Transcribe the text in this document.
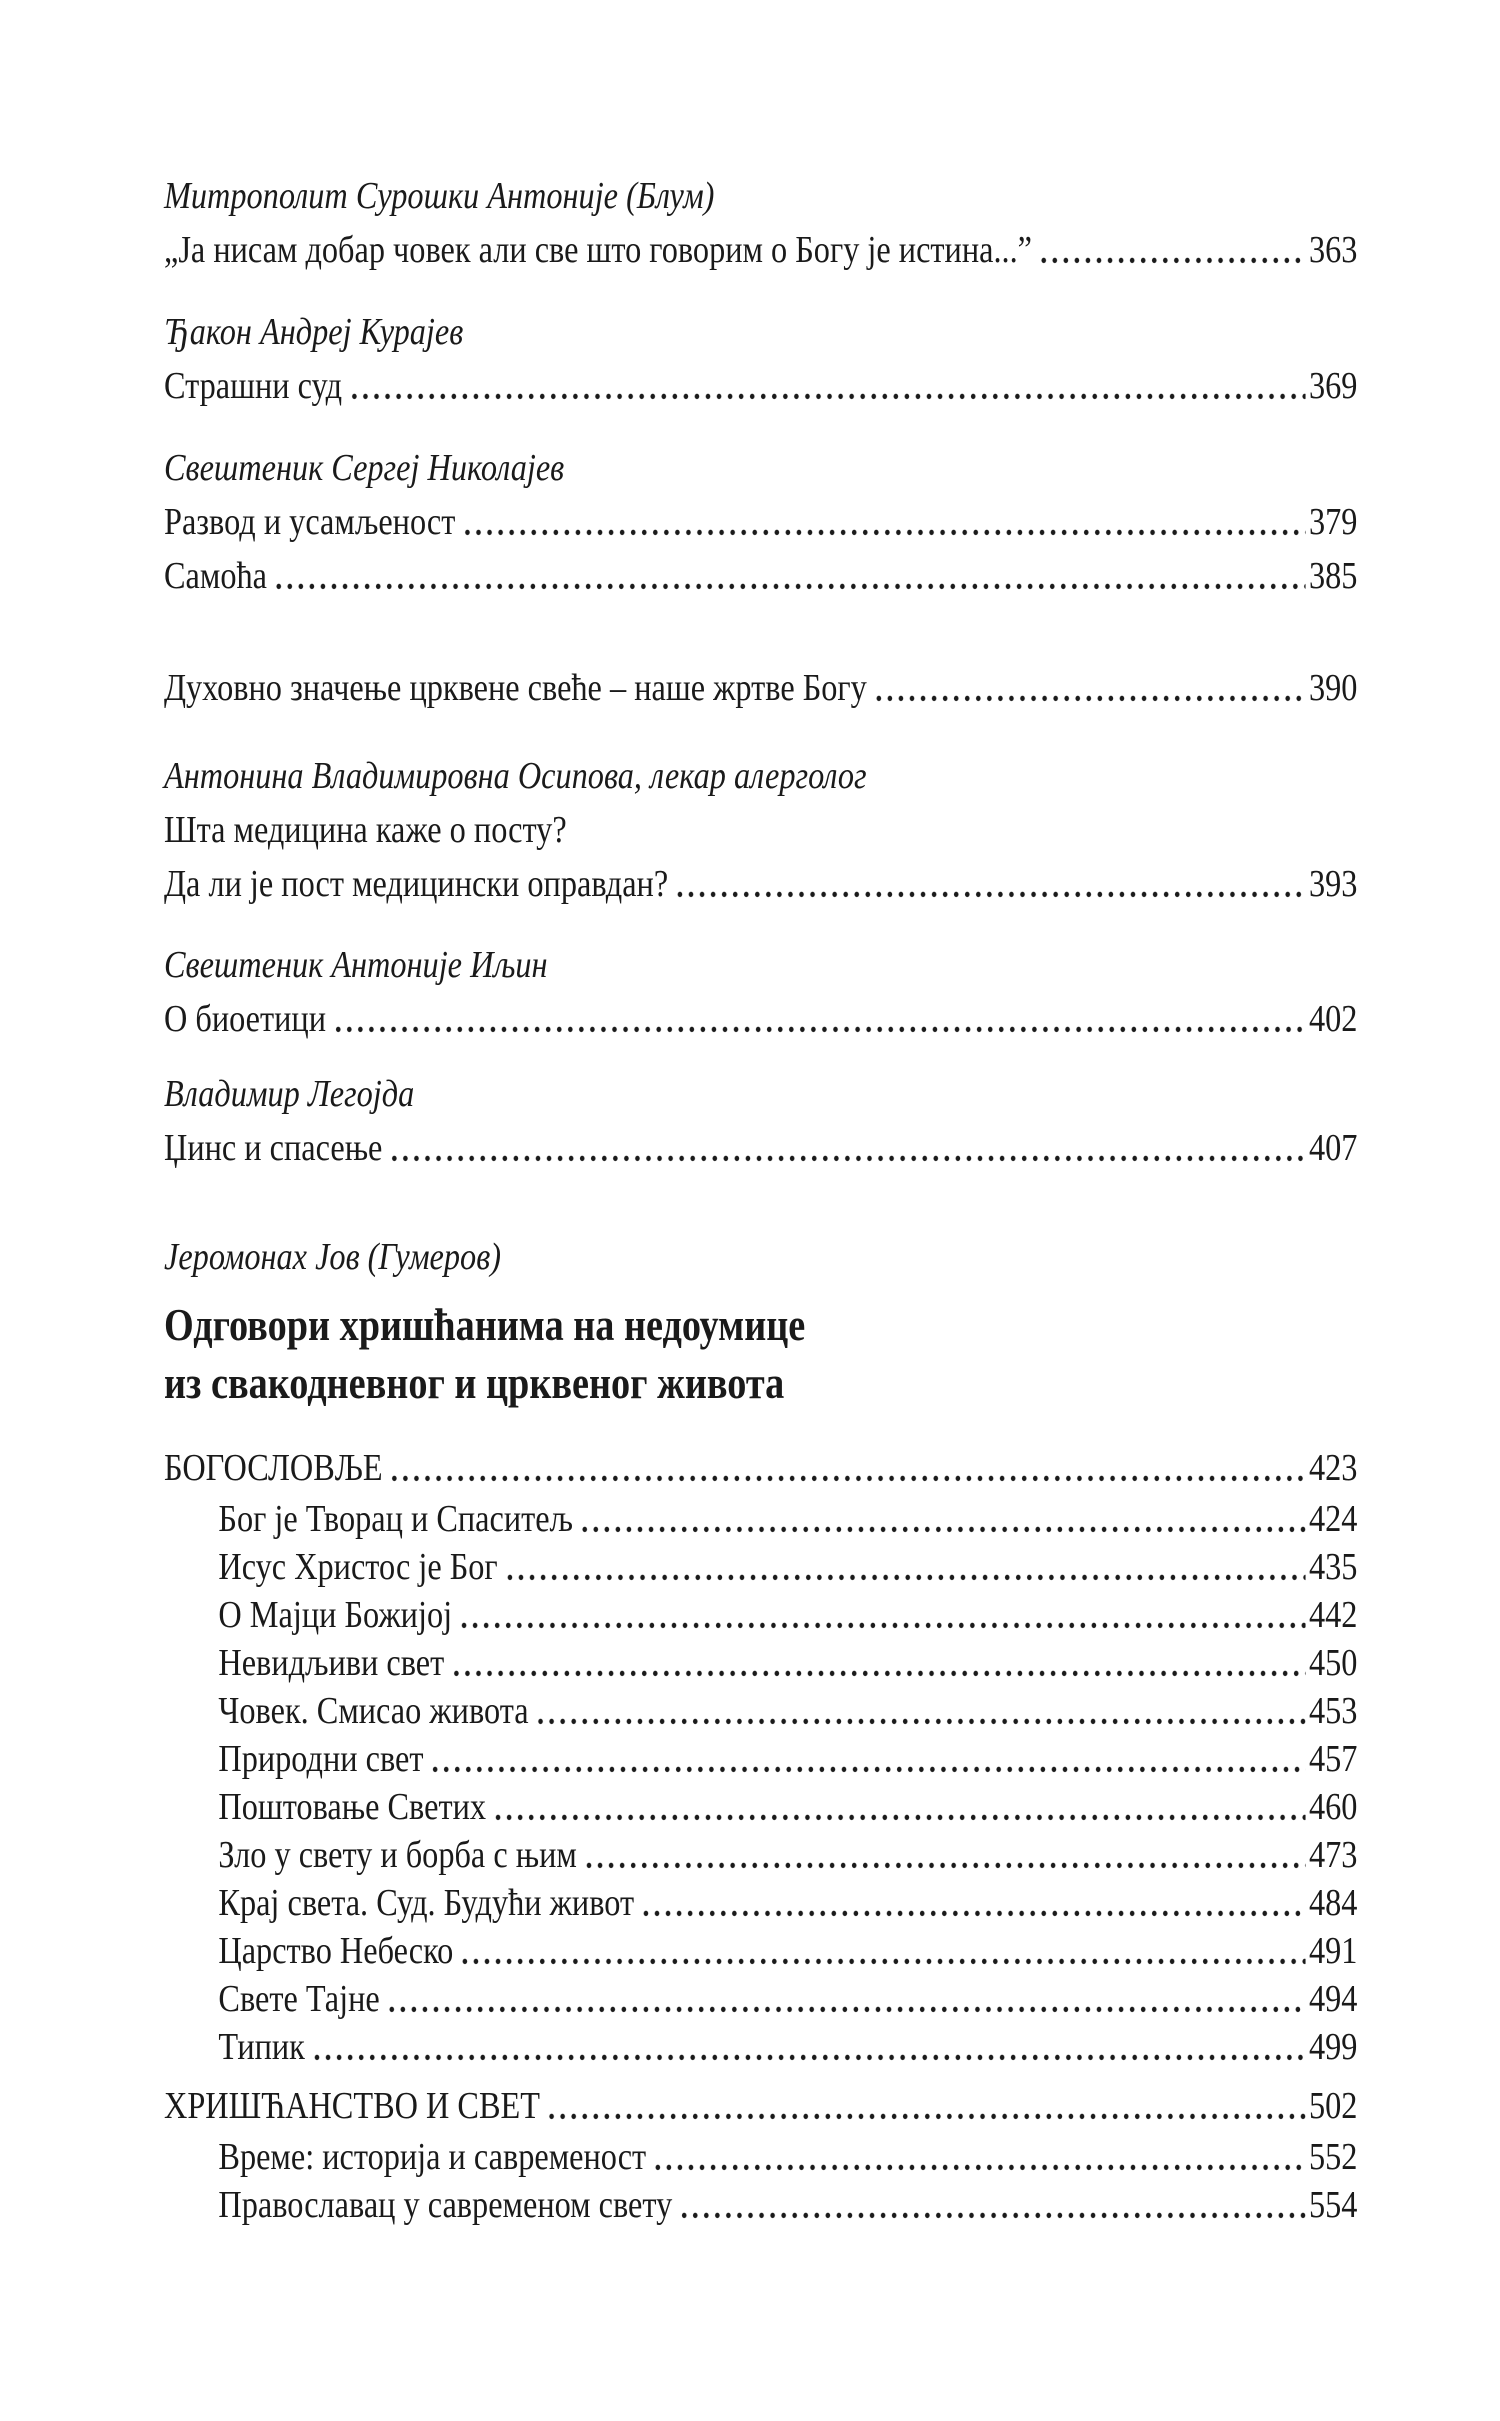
Митрополит Сурошки Антоније (Блум)
„Ја нисам добар човек али све што говорим о Богу је истина...”	363
Ђакон Андреј Курајев
Страшни суд	369
Свештеник Сергеј Николајев
Развод и усамљеност	379
Самоћа	385
Духовно значење црквене свеће – наше жртве Богу	390
Антонина Владимировна Осипова, лекар алерголог
Шта медицина каже о посту?
Да ли је пост медицински оправдан?	393
Свештеник Антоније Иљин
О биоетици	402
Владимир Легојда
Џинс и спасење	407
Јеромонах Јов (Гумеров)
Одговори хришћанима на недоумице
из свакодневног и црквеног живота
БОГОСЛОВЉЕ	423
Бог је Творац и Спаситељ	424
Исус Христос је Бог	435
О Мајци Божијој	442
Невидљиви свет	450
Човек. Смисао живота	453
Природни свет	457
Поштовање Светих	460
Зло у свету и борба с њим	473
Крај света. Суд. Будући живот	484
Царство Небеско	491
Свете Тајне	494
Типик	499
ХРИШЋАНСТВО И СВЕТ	502
Време: историја и савременост	552
Православац у савременом свету	554
